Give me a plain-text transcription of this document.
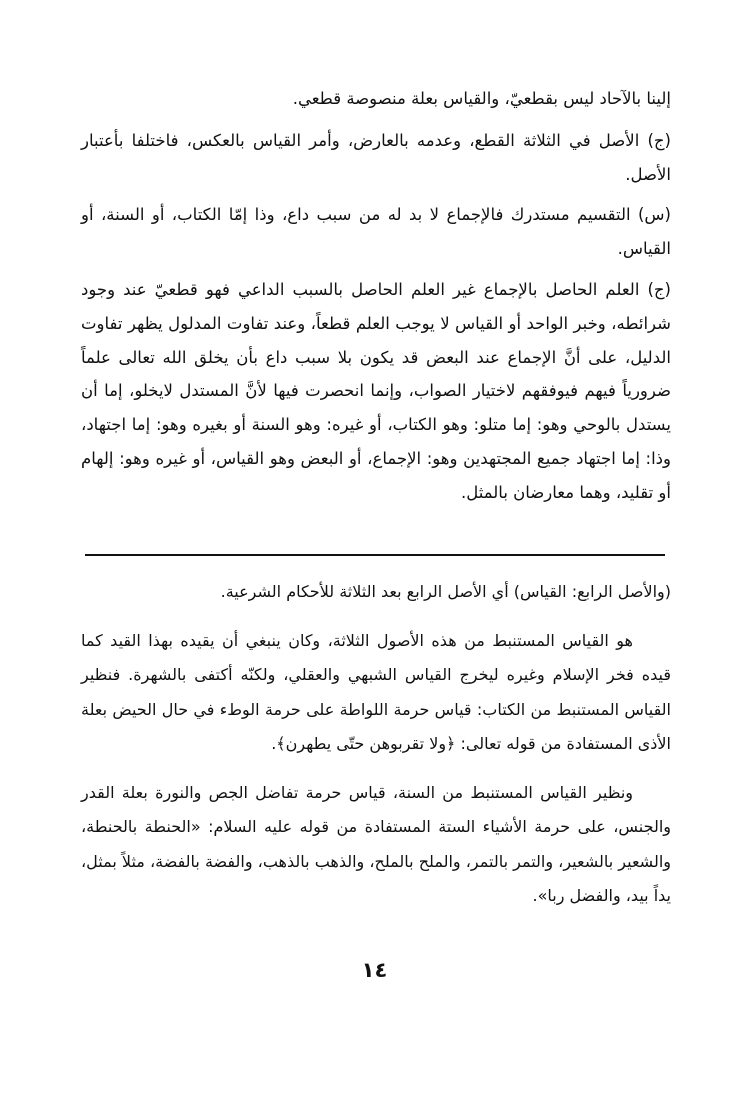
إلينا بالآحاد ليس بقطعيّ، والقياس بعلة منصوصة قطعي.

(ج) الأصل في الثلاثة القطع، وعدمه بالعارض، وأمر القياس بالعكس، فاختلفا بأعتبار الأصل.

(س) التقسيم مستدرك فالإجماع لا بد له من سبب داع، وذا إمّا الكتاب، أو السنة، أو القياس.

(ج) العلم الحاصل بالإجماع غير العلم الحاصل بالسبب الداعي فهو قطعيّ عند وجود شرائطه، وخبر الواحد أو القياس لا يوجب العلم قطعاً، وعند تفاوت المدلول يظهر تفاوت الدليل، على أنَّ الإجماع عند البعض قد يكون بلا سبب داع بأن يخلق الله تعالى علماً ضرورياً فيهم فيوفقهم لاختيار الصواب، وإنما انحصرت فيها لأنَّ المستدل لايخلو، إما أن يستدل بالوحي وهو: إما متلو: وهو الكتاب، أو غيره: وهو السنة أو بغيره وهو: إما اجتهاد، وذا: إما اجتهاد جميع المجتهدين وهو: الإجماع، أو البعض وهو القياس، أو غيره وهو: إلهام أو تقليد، وهما معارضان بالمثل.

(والأصل الرابع: القياس) أي الأصل الرابع بعد الثلاثة للأحكام الشرعية.

هو القياس المستنبط من هذه الأصول الثلاثة، وكان ينبغي أن يقيده بهذا القيد كما قيده فخر الإسلام وغيره ليخرج القياس الشبهي والعقلي، ولكنّه أكتفى بالشهرة. فنظير القياس المستنبط من الكتاب: قياس حرمة اللواطة على حرمة الوطء في حال الحيض بعلة الأذى المستفادة من قوله تعالى: ﴿ولا تقربوهن حتّى يطهرن﴾.

ونظير القياس المستنبط من السنة، قياس حرمة تفاضل الجص والنورة بعلة القدر والجنس، على حرمة الأشياء الستة المستفادة من قوله عليه السلام: «الحنطة بالحنطة، والشعير بالشعير، والتمر بالتمر، والملح بالملح، والذهب بالذهب، والفضة بالفضة، مثلاً بمثل، يداً بيد، والفضل ربا».

١٤
